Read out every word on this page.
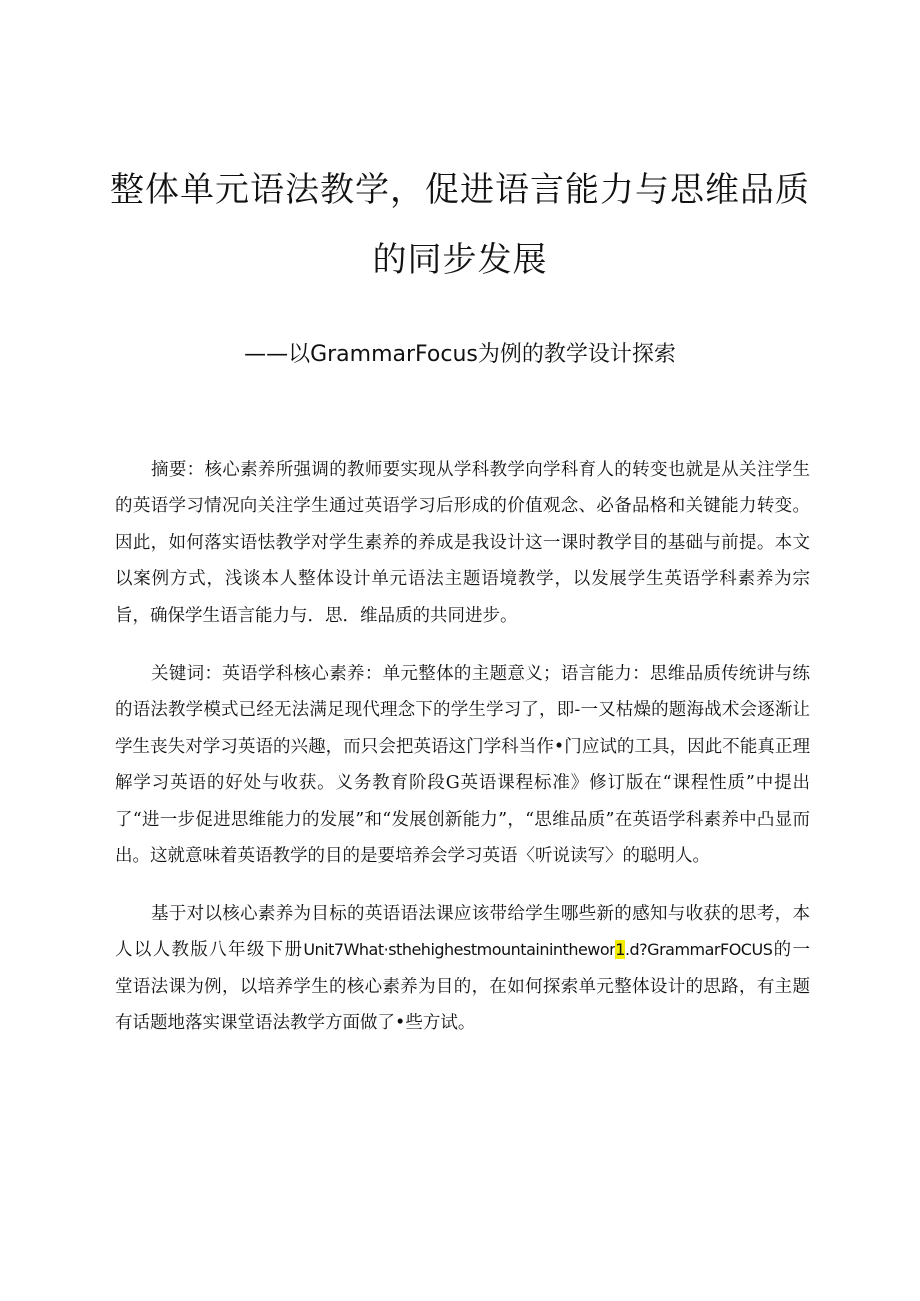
整体单元语法教学，促进语言能力与思维品质
的同步发展

——以GrammarFocus为例的教学设计探索

摘要：核心素养所强调的教师要实现从学科教学向学科育人的转变也就是从关注学生的英语学习情况向关注学生通过英语学习后形成的价值观念、必备品格和关键能力转变。因此，如何落实语怯教学对学生素养的养成是我设计这一课时教学目的基础与前提。本文以案例方式，浅谈本人整体设计单元语法主题语境教学，以发展学生英语学科素养为宗旨，确保学生语言能力与．思．维品质的共同进步。

关键词：英语学科核心素养：单元整体的主题意义；语言能力：思维品质传统讲与练的语法教学模式已经无法满足现代理念下的学生学习了，即-一又枯燥的题海战术会逐渐让学生丧失对学习英语的兴趣，而只会把英语这门学科当作•门应试的工具，因此不能真正理解学习英语的好处与收获。义务教育阶段G英语课程标准》修订版在“课程性质”中提出了“进一步促进思维能力的发展”和“发展创新能力”，“思维品质”在英语学科素养中凸显而出。这就意味着英语教学的目的是要培养会学习英语〈听说读写〉的聪明人。

基于对以核心素养为目标的英语语法课应该带给学生哪些新的感知与收获的思考，本人以人教版八年级下册Unit7What·sthehighestmountaininthewor1.d?GrammarFOCUS的一堂语法课为例，以培养学生的核心素养为目的，在如何探索单元整体设计的思路，有主题有话题地落实课堂语法教学方面做了•些方试。
